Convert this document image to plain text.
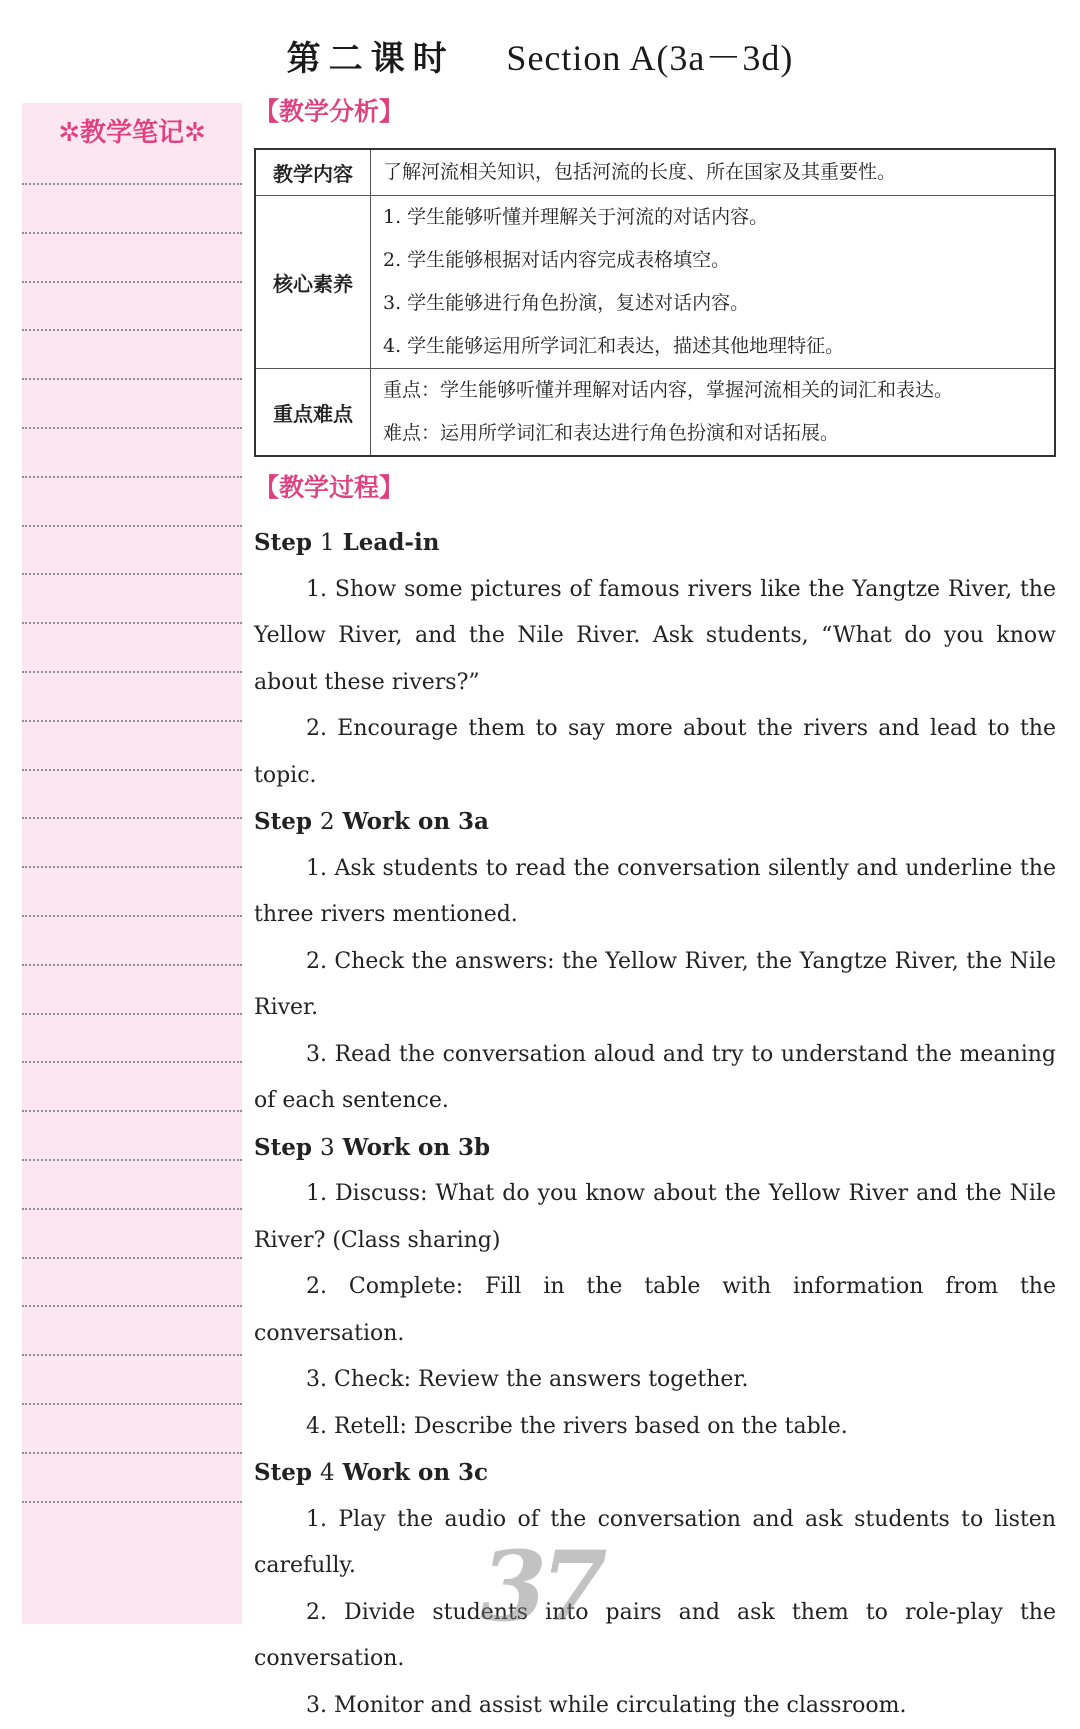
第二课时 Section A(3a－3d)
✲教学笔记✲
【教学分析】
教学内容	了解河流相关知识，包括河流的长度、所在国家及其重要性。

核心素养	1. 学生能够听懂并理解关于河流的对话内容。
2. 学生能够根据对话内容完成表格填空。
3. 学生能够进行角色扮演，复述对话内容。
4. 学生能够运用所学词汇和表达，描述其他地理特征。

重点难点	重点：学生能够听懂并理解对话内容，掌握河流相关的词汇和表达。
难点：运用所学词汇和表达进行角色扮演和对话拓展。
【教学过程】
Step 1 Lead-in

1. Show some pictures of famous rivers like the Yangtze River, the Yellow River, and the Nile River. Ask students, “What do you know about these rivers?”

2. Encourage them to say more about the rivers and lead to the topic.

Step 2 Work on 3a

1. Ask students to read the conversation silently and underline the three rivers mentioned.

2. Check the answers: the Yellow River, the Yangtze River, the Nile River.

3. Read the conversation aloud and try to understand the meaning of each sentence.

Step 3 Work on 3b

1. Discuss: What do you know about the Yellow River and the Nile River? (Class sharing)

2. Complete: Fill in the table with information from the conversation.

3. Check: Review the answers together.

4. Retell: Describe the rivers based on the table.

Step 4 Work on 3c

1. Play the audio of the conversation and ask students to listen carefully.

2. Divide students into pairs and ask them to role-play the conversation.

3. Monitor and assist while circulating the classroom.

37
